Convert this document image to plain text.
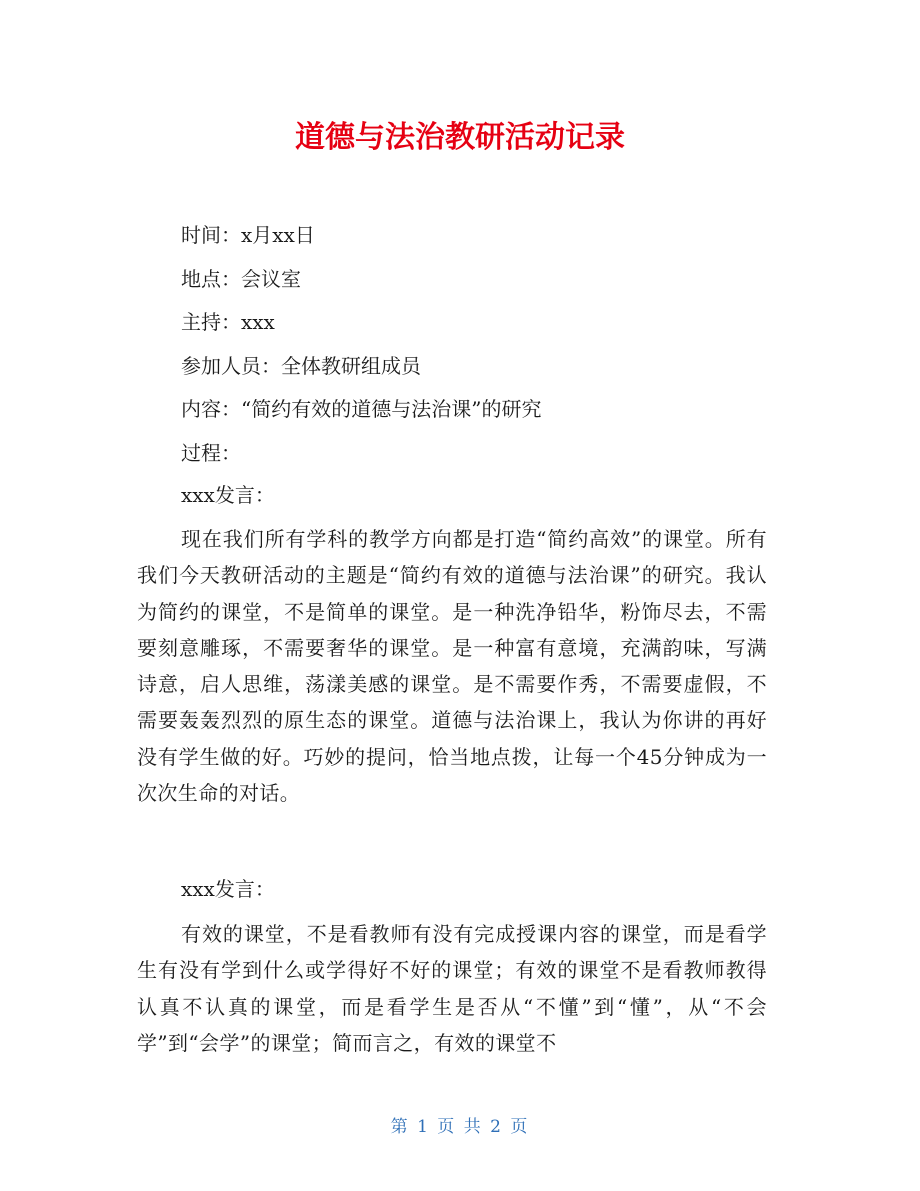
道德与法治教研活动记录
时间：x月xx日
地点：会议室
主持：xxx
参加人员：全体教研组成员
内容：“简约有效的道德与法治课”的研究
过程：
xxx发言：

现在我们所有学科的教学方向都是打造“简约高效”的课堂。所有我们今天教研活动的主题是“简约有效的道德与法治课”的研究。我认为简约的课堂，不是简单的课堂。是一种洗净铅华，粉饰尽去，不需要刻意雕琢，不需要奢华的课堂。是一种富有意境，充满韵味，写满诗意，启人思维，荡漾美感的课堂。是不需要作秀，不需要虚假，不需要轰轰烈烈的原生态的课堂。道德与法治课上，我认为你讲的再好没有学生做的好。巧妙的提问，恰当地点拨，让每一个45分钟成为一次次生命的对话。

xxx发言：

有效的课堂，不是看教师有没有完成授课内容的课堂，而是看学生有没有学到什么或学得好不好的课堂；有效的课堂不是看教师教得认真不认真的课堂，而是看学生是否从“不懂”到“懂”，从“不会学”到“会学”的课堂；简而言之，有效的课堂不

第 1 页 共 2 页
